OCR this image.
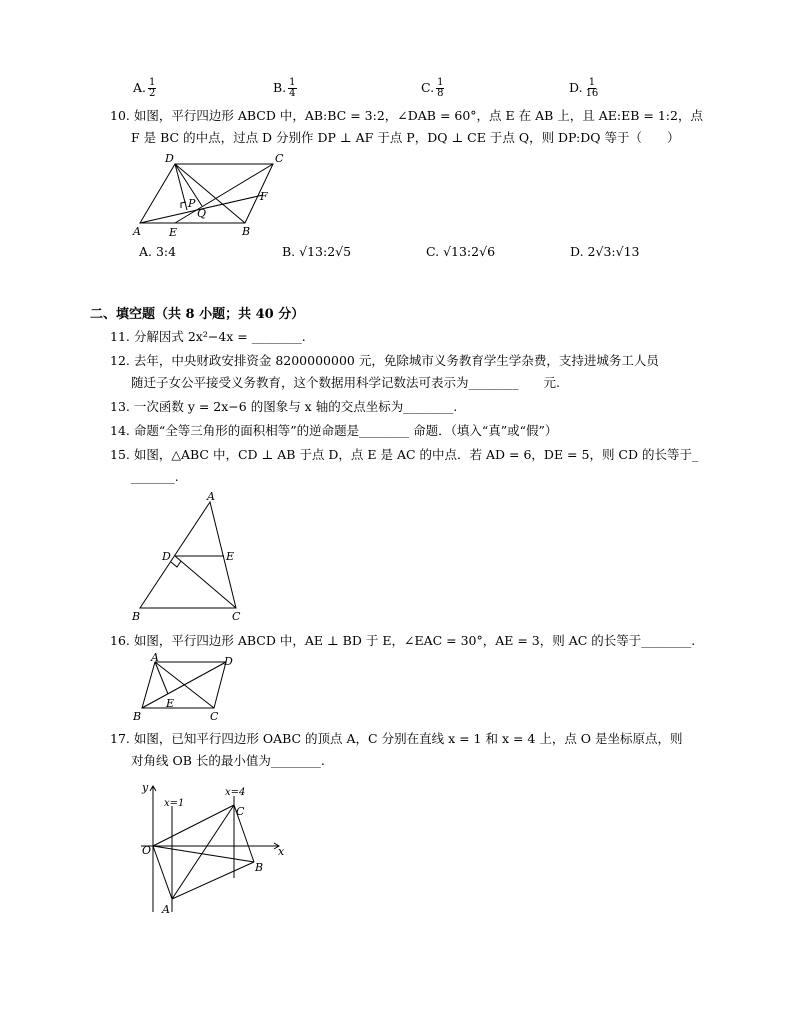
A. $\frac{1}{2}$	B. $\frac{1}{4}$	C. $\frac{1}{8}$	D. $\frac{1}{16}$
10. 如图，平行四边形 ABCD 中，AB:BC = 3:2，∠DAB = 60°，点 E 在 AB 上，且 AE:EB = 1:2，点
F 是 BC 的中点，过点 D 分别作 DP ⊥ AF 于点 P，DQ ⊥ CE 于点 Q，则 DP:DQ 等于（　　）
A	B
C
D
E
F
P
Q
A. 3:4	B. √13:2√5	C. √13:2√6	D. 2√3:√13
二、填空题（共 8 小题；共 40 分）
11. 分解因式 2x²−4x = ________.
12. 去年，中央财政安排资金 8200000000 元，免除城市义务教育学生学杂费，支持进城务工人员
随迁子女公平接受义务教育，这个数据用科学记数法可表示为________　　元.
13. 一次函数 y = 2x−6 的图象与 x 轴的交点坐标为________.
14. 命题“全等三角形的面积相等”的逆命题是________ 命题．（填入“真”或“假”）
15. 如图，△ABC 中，CD ⊥ AB 于点 D，点 E 是 AC 的中点．若 AD = 6，DE = 5，则 CD 的长等于_
_______.
A
B	C
D	E
16. 如图，平行四边形 ABCD 中，AE ⊥ BD 于 E，∠EAC = 30°，AE = 3，则 AC 的长等于________.
A	D
B	C
E
17. 如图，已知平行四边形 OABC 的顶点 A，C 分别在直线 x = 1 和 x = 4 上，点 O 是坐标原点，则
对角线 OB 长的最小值为________.
y
x
O
A
B
C
x=1
x=4
